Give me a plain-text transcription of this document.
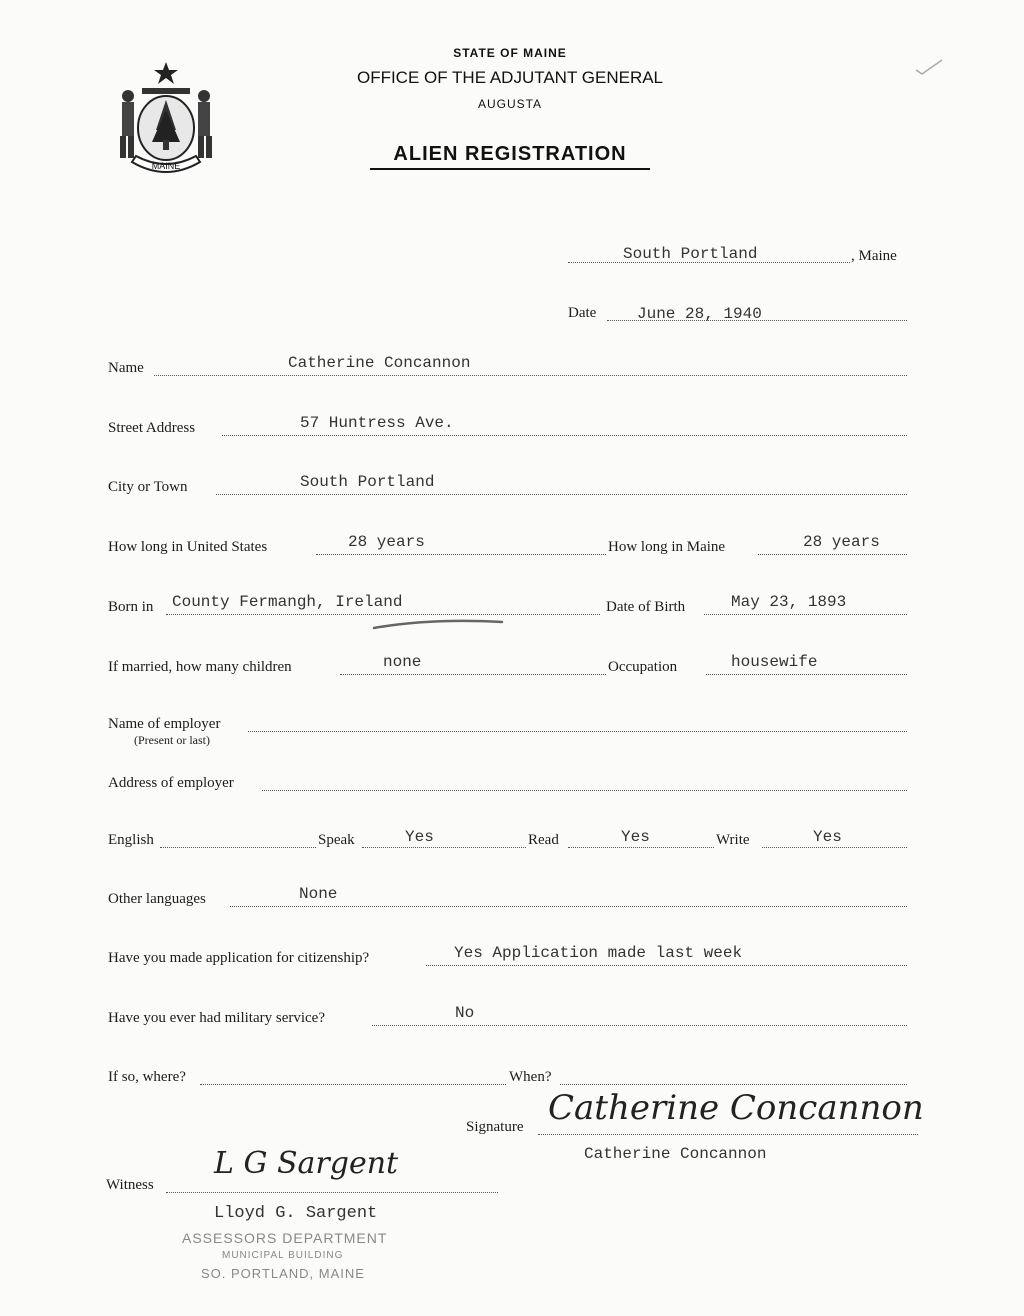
MAINE
STATE OF MAINE
OFFICE OF THE ADJUTANT GENERAL
AUGUSTA
ALIEN REGISTRATION
South Portland	, Maine
Date	June 28, 1940
Name	Catherine Concannon
Street Address	57 Huntress Ave.
City or Town	South Portland
How long in United States	28 years	How long in Maine	28 years
Born in County Fermangh, Ireland	Date of Birth	May 23, 1893
If married, how many children	none	Occupation	housewife
Name of employer
(Present or last)
Address of employer
English	Speak	Yes	Read	Yes	Write	Yes
Other languages	None
Have you made application for citizenship?	Yes Application made last week
Have you ever had military service?	No
If so, where?	When?
Signature Catherine Concannon
Catherine Concannon
Witness
L G Sargent
Lloyd G. Sargent
ASSESSORS DEPARTMENT
MUNICIPAL BUILDING
SO. PORTLAND, MAINE
